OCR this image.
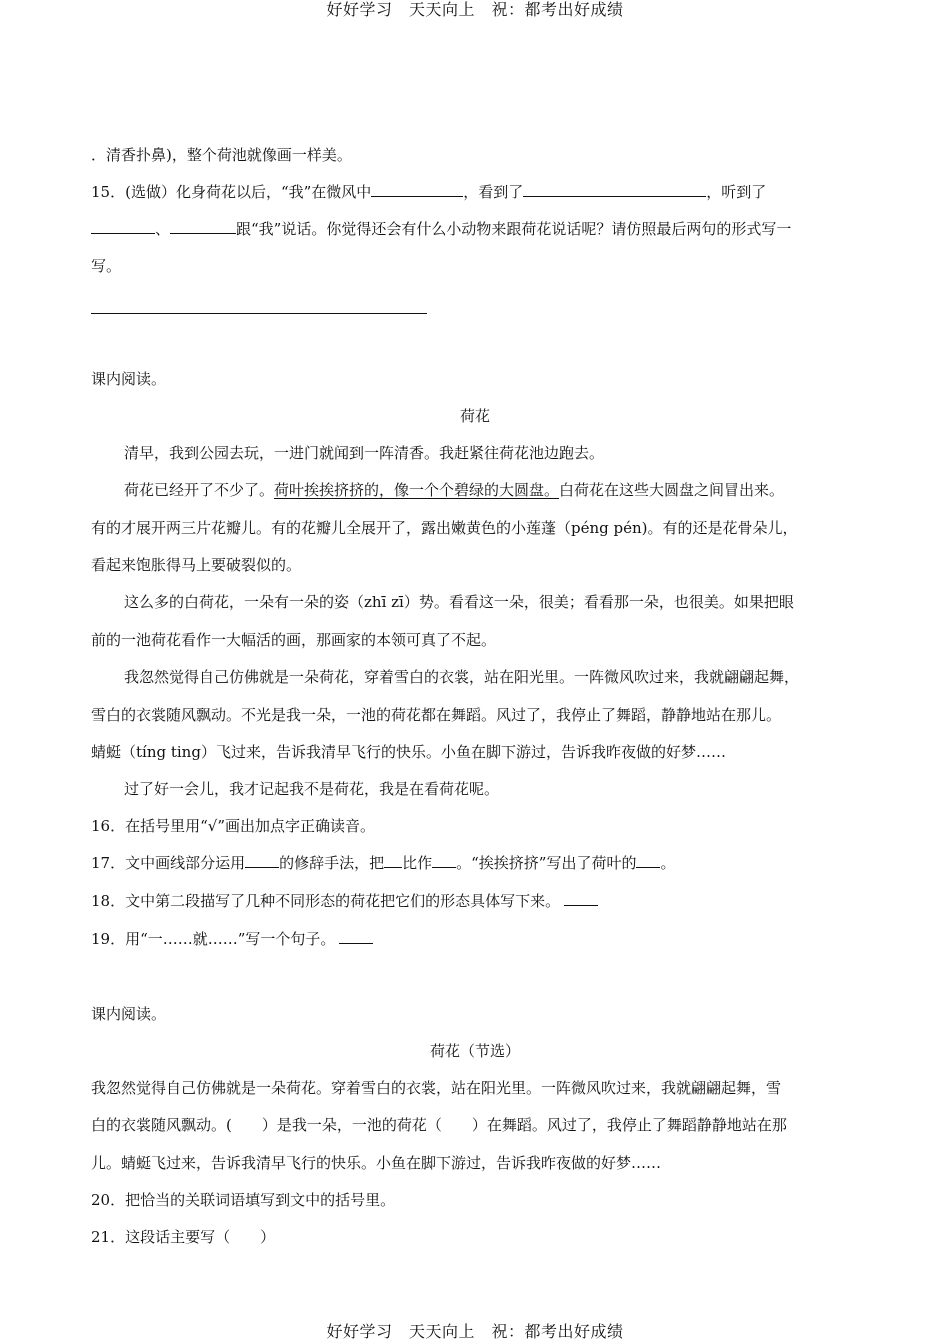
好好学习　天天向上　祝：都考出好成绩
．清香扑鼻)，整个荷池就像画一样美。
15．(选做）化身荷花以后，“我”在微风中	，看到了	，听到了
、	跟“我”说话。你觉得还会有什么小动物来跟荷花说话呢？请仿照最后两句的形式写一
写。
课内阅读。
荷花
清早，我到公园去玩，一进门就闻到一阵清香。我赶紧往荷花池边跑去。
荷花已经开了不少了。荷叶挨挨挤挤的，像一个个碧绿的大圆盘。白荷花在这些大圆盘之间冒出来。
有的才展开两三片花瓣儿。有的花瓣儿全展开了，露出嫩黄色的小莲蓬（péng pén)。有的还是花骨朵儿，
看起来饱胀得马上要破裂似的。
这么多的白荷花，一朵有一朵的姿（zhī zī）势。看看这一朵，很美；看看那一朵，也很美。如果把眼
前的一池荷花看作一大幅活的画，那画家的本领可真了不起。
我忽然觉得自己仿佛就是一朵荷花，穿着雪白的衣裳，站在阳光里。一阵微风吹过来，我就翩翩起舞，
雪白的衣裳随风飘动。不光是我一朵，一池的荷花都在舞蹈。风过了，我停止了舞蹈，静静地站在那儿。
蜻蜓（tíng ting）飞过来，告诉我清早飞行的快乐。小鱼在脚下游过，告诉我昨夜做的好梦……
过了好一会儿，我才记起我不是荷花，我是在看荷花呢。
16．在括号里用“√”画出加点字正确读音。
17．文中画线部分运用 的修辞手法，把 比作 。“挨挨挤挤”写出了荷叶的 。
18．文中第二段描写了几种不同形态的荷花把它们的形态具体写下来。
19．用“一……就……”写一个句子。
课内阅读。
荷花（节选）
我忽然觉得自己仿佛就是一朵荷花。穿着雪白的衣裳，站在阳光里。一阵微风吹过来，我就翩翩起舞，雪
白的衣裳随风飘动。(　　）是我一朵，一池的荷花（　　）在舞蹈。风过了，我停止了舞蹈静静地站在那
儿。蜻蜓飞过来，告诉我清早飞行的快乐。小鱼在脚下游过，告诉我昨夜做的好梦……
20．把恰当的关联词语填写到文中的括号里。
21．这段话主要写（　　）
好好学习　天天向上　祝：都考出好成绩
